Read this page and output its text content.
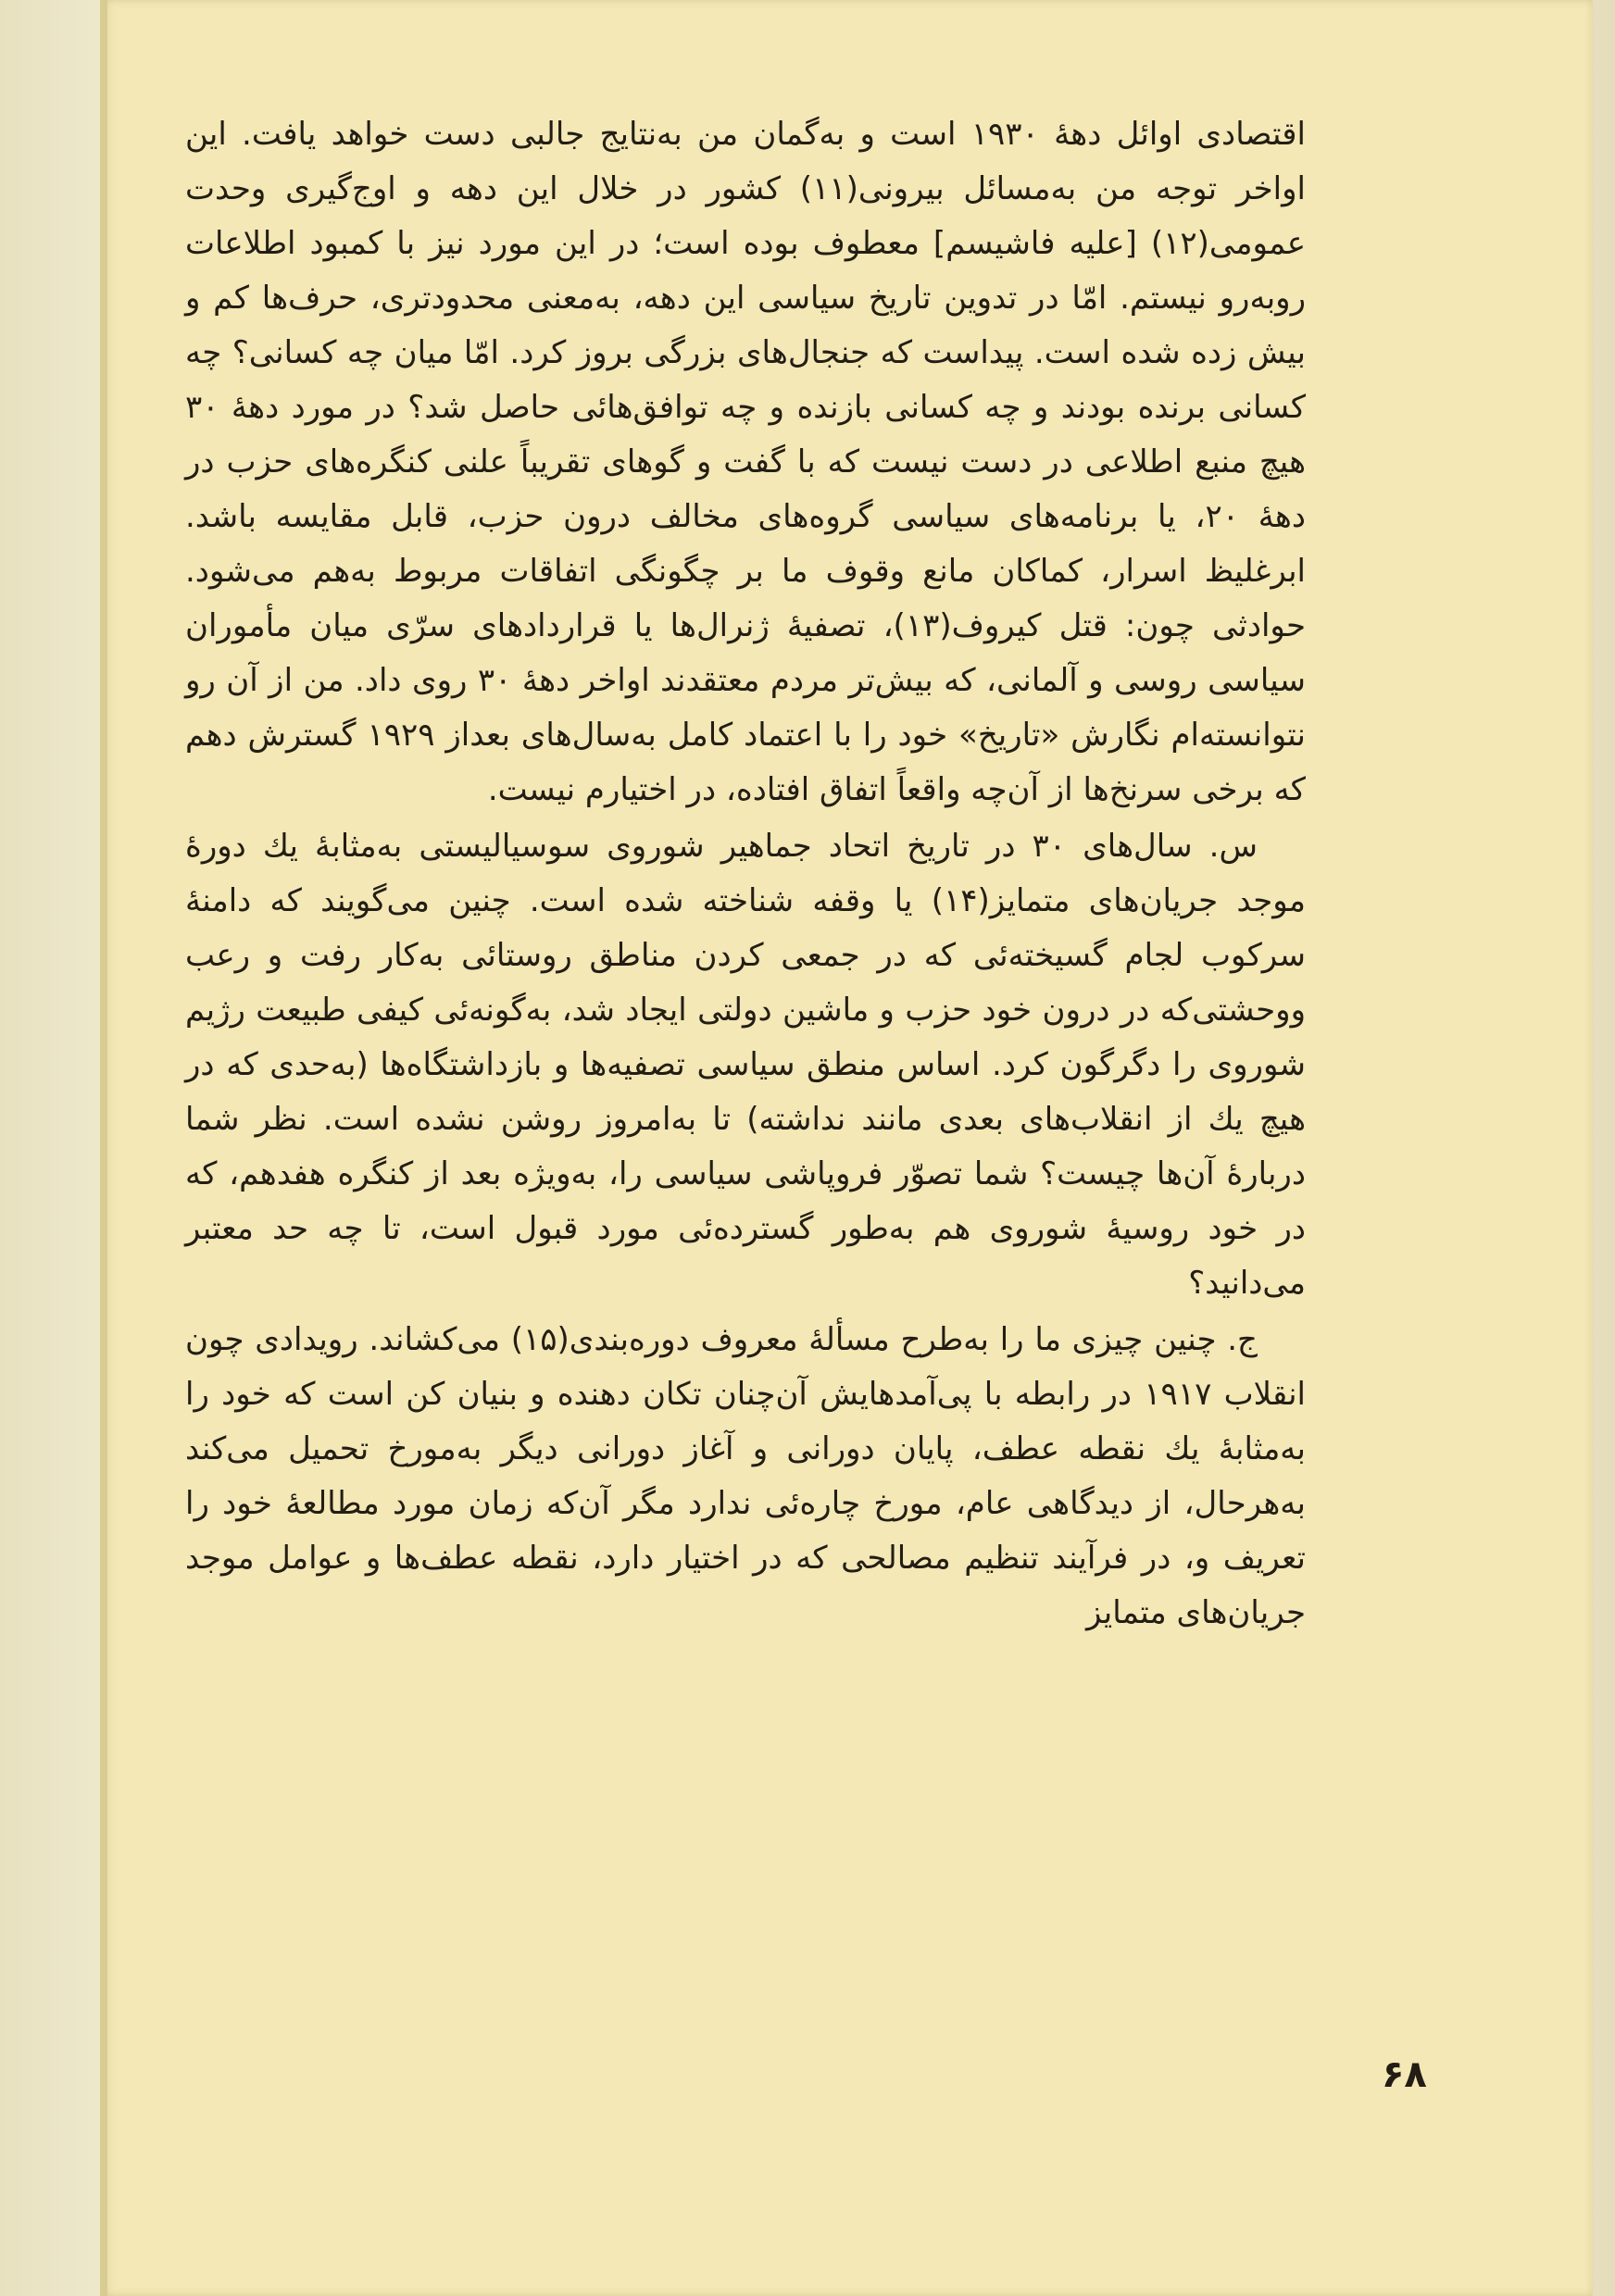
اقتصادی اوائل دههٔ ۱۹۳۰ است و به‌گمان من به‌نتایج جالبی دست خواهد یافت. این اواخر توجه من به‌مسائل بیرونی(۱۱) کشور در خلال این دهه و اوج‌گیری وحدت عمومی(۱۲) [علیه فاشیسم] معطوف بوده است؛ در این مورد نیز با کمبود اطلاعات روبه‌رو نیستم. امّا در تدوین تاریخ سیاسی این دهه، به‌معنی محدودتری، حرف‌ها کم و بیش زده شده است. پیداست که جنجال‌های بزرگی بروز کرد. امّا میان چه کسانی؟ چه کسانی برنده بودند و چه کسانی بازنده و چه توافق‌هائی حاصل شد؟ در مورد دههٔ ۳۰ هیچ منبع اطلاعی در دست نیست که با گفت و گوهای تقریباً علنی کنگره‌های حزب در دههٔ ۲۰، یا برنامه‌های سیاسی گروه‌های مخالف درون حزب، قابل مقایسه باشد. ابرغلیظ اسرار، کماکان مانع وقوف ما بر چگونگی اتفاقات مربوط به‌هم می‌شود. حوادثی چون: قتل کیروف(۱۳)، تصفیهٔ ژنرال‌ها یا قراردادهای سرّی میان مأموران سیاسی روسی و آلمانی، که بیش‌تر مردم معتقدند اواخر دههٔ ۳۰ روی داد. من از آن رو نتوانسته‌ام نگارش «تاریخ» خود را با اعتماد کامل به‌سال‌های بعداز ۱۹۲۹ گسترش دهم که برخی سرنخ‌ها از آن‌چه واقعاً اتفاق افتاده، در اختیارم نیست.

س. سال‌های ۳۰ در تاریخ اتحاد جماهیر شوروی سوسیالیستی به‌مثابهٔ یك دورهٔ موجد جریان‌های متمایز(۱۴) یا وقفه شناخته شده است. چنین می‌گویند که دامنهٔ سرکوب لجام گسیخته‌ئی که در جمعی کردن مناطق روستائی به‌کار رفت و رعب ووحشتی‌که در درون خود حزب و ماشین دولتی ایجاد شد، به‌گونه‌ئی کیفی طبیعت رژیم شوروی را دگرگون کرد. اساس منطق سیاسی تصفیه‌ها و بازداشتگاه‌ها (به‌حدی که در هیچ یك از انقلاب‌های بعدی مانند نداشته) تا به‌امروز روشن نشده است. نظر شما دربارهٔ آن‌ها چیست؟ شما تصوّر فروپاشی سیاسی را، به‌ویژه بعد از کنگره هفدهم، که در خود روسیهٔ شوروی هم به‌طور گسترده‌ئی مورد قبول است، تا چه حد معتبر می‌دانید؟

ج. چنین چیزی ما را به‌طرح مسألهٔ معروف دوره‌بندی(۱۵) می‌کشاند. رویدادی چون انقلاب ۱۹۱۷ در رابطه با پی‌آمدهایش آن‌چنان تکان دهنده و بنیان کن است که خود را به‌مثابهٔ یك نقطه عطف، پایان دورانی و آغاز دورانی دیگر به‌مورخ تحمیل می‌کند به‌هرحال، از دیدگاهی عام، مورخ چاره‌ئی ندارد مگر آن‌که زمان مورد مطالعهٔ خود را تعریف و، در فرآیند تنظیم مصالحی که در اختیار دارد، نقطه عطف‌ها و عوامل موجد جریان‌های متمایز

۶۸
